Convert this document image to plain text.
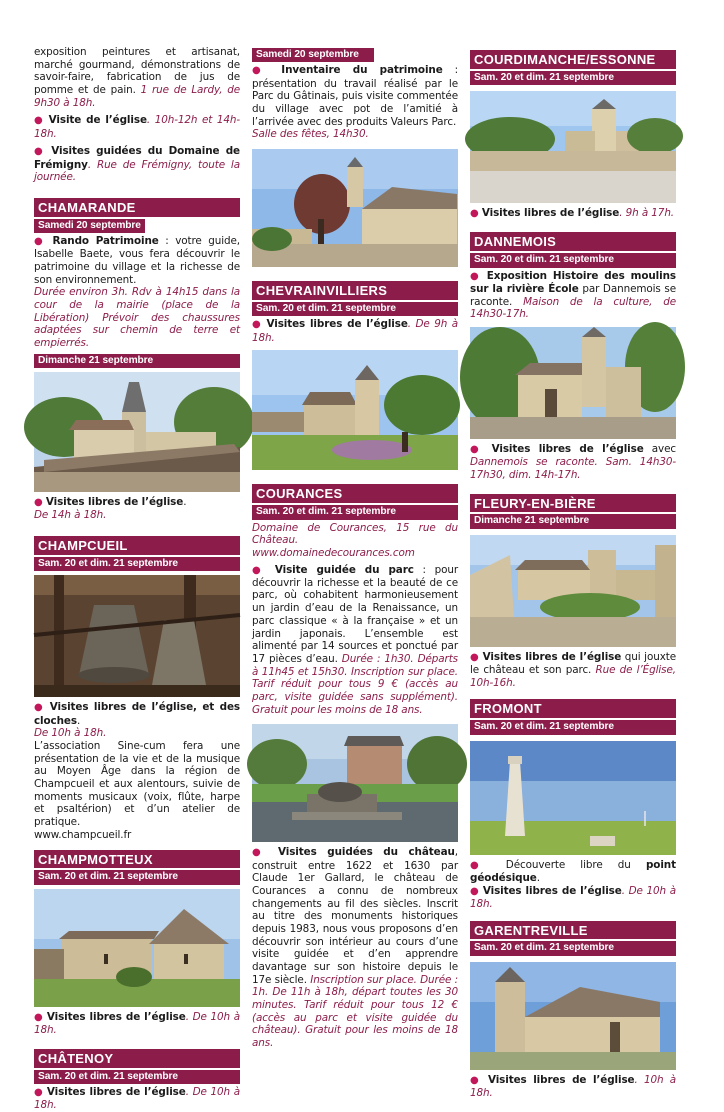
exposition peintures et artisanat, marché gourmand, démonstrations de savoir-faire, fabrication de jus de pomme et de pain. 1 rue de Lardy, de 9h30 à 18h.

● Visite de l’église. 10h-12h et 14h-18h.

● Visites guidées du Domaine de Frémigny. Rue de Frémigny, toute la journée.

CHAMARANDE
Samedi 20 septembre

● Rando Patrimoine : votre guide, Isabelle Baete, vous fera découvrir le patrimoine du village et la richesse de son environnement.

Durée environ 3h. Rdv à 14h15 dans la cour de la mairie (place de la Libération) Prévoir des chaussures adaptées sur chemin de terre et empierrés.

Dimanche 21 septembre

● Visites libres de l’église.

De 14h à 18h.

CHAMPCUEIL
Sam. 20 et dim. 21 septembre

● Visites libres de l’église, et des cloches.

De 10h à 18h.

L’association Sine-cum fera une présentation de la vie et de la musique au Moyen Âge dans la région de Champcueil et aux alentours, suivie de moments musicaux (voix, flûte, harpe et psaltérion) et d’un atelier de pratique.

www.champcueil.fr

CHAMPMOTTEUX
Sam. 20 et dim. 21 septembre

● Visites libres de l’église. De 10h à 18h.

CHÂTENOY
Sam. 20 et dim. 21 septembre

● Visites libres de l’église. De 10h à 18h.

Samedi 20 septembre

● Inventaire du patrimoine : présentation du travail réalisé par le Parc du Gâtinais, puis visite commentée du village avec pot de l’amitié à l’arrivée avec des produits Valeurs Parc.

Salle des fêtes, 14h30.

CHEVRAINVILLIERS
Sam. 20 et dim. 21 septembre

● Visites libres de l’église. De 9h à 18h.

COURANCES
Sam. 20 et dim. 21 septembre

Domaine de Courances, 15 rue du Château. www.domainedecourances.com

● Visite guidée du parc : pour découvrir la richesse et la beauté de ce parc, où cohabitent harmonieusement un jardin d’eau de la Renaissance, un parc classique « à la française » et un jardin japonais. L’ensemble est alimenté par 14 sources et ponctué par 17 pièces d’eau. Durée : 1h30. Départs à 11h45 et 15h30. Inscription sur place. Tarif réduit pour tous 9 € (accès au parc, visite guidée sans supplément). Gratuit pour les moins de 18 ans.

● Visites guidées du château, construit entre 1622 et 1630 par Claude 1er Gallard, le château de Courances a connu de nombreux changements au fil des siècles. Inscrit au titre des monuments historiques depuis 1983, nous vous proposons d’en découvrir son intérieur au cours d’une visite guidée et d’en apprendre davantage sur son histoire depuis le 17e siècle. Inscription sur place. Durée : 1h. De 11h à 18h, départ toutes les 30 minutes. Tarif réduit pour tous 12 € (accès au parc et visite guidée du château). Gratuit pour les moins de 18 ans.

COURDIMANCHE/ESSONNE
Sam. 20 et dim. 21 septembre

● Visites libres de l’église. 9h à 17h.

DANNEMOIS
Sam. 20 et dim. 21 septembre

● Exposition Histoire des moulins sur la rivière École par Dannemois se raconte. Maison de la culture, de 14h30-17h.

● Visites libres de l’église avec Dannemois se raconte. Sam. 14h30-17h30, dim. 14h-17h.

FLEURY-EN-BIÈRE
Dimanche 21 septembre

● Visites libres de l’église qui jouxte le château et son parc. Rue de l’Église, 10h-16h.

FROMONT
Sam. 20 et dim. 21 septembre

● Découverte libre du point géodésique.

● Visites libres de l’église. De 10h à 18h.

GARENTREVILLE
Sam. 20 et dim. 21 septembre

● Visites libres de l’église. 10h à 18h.
